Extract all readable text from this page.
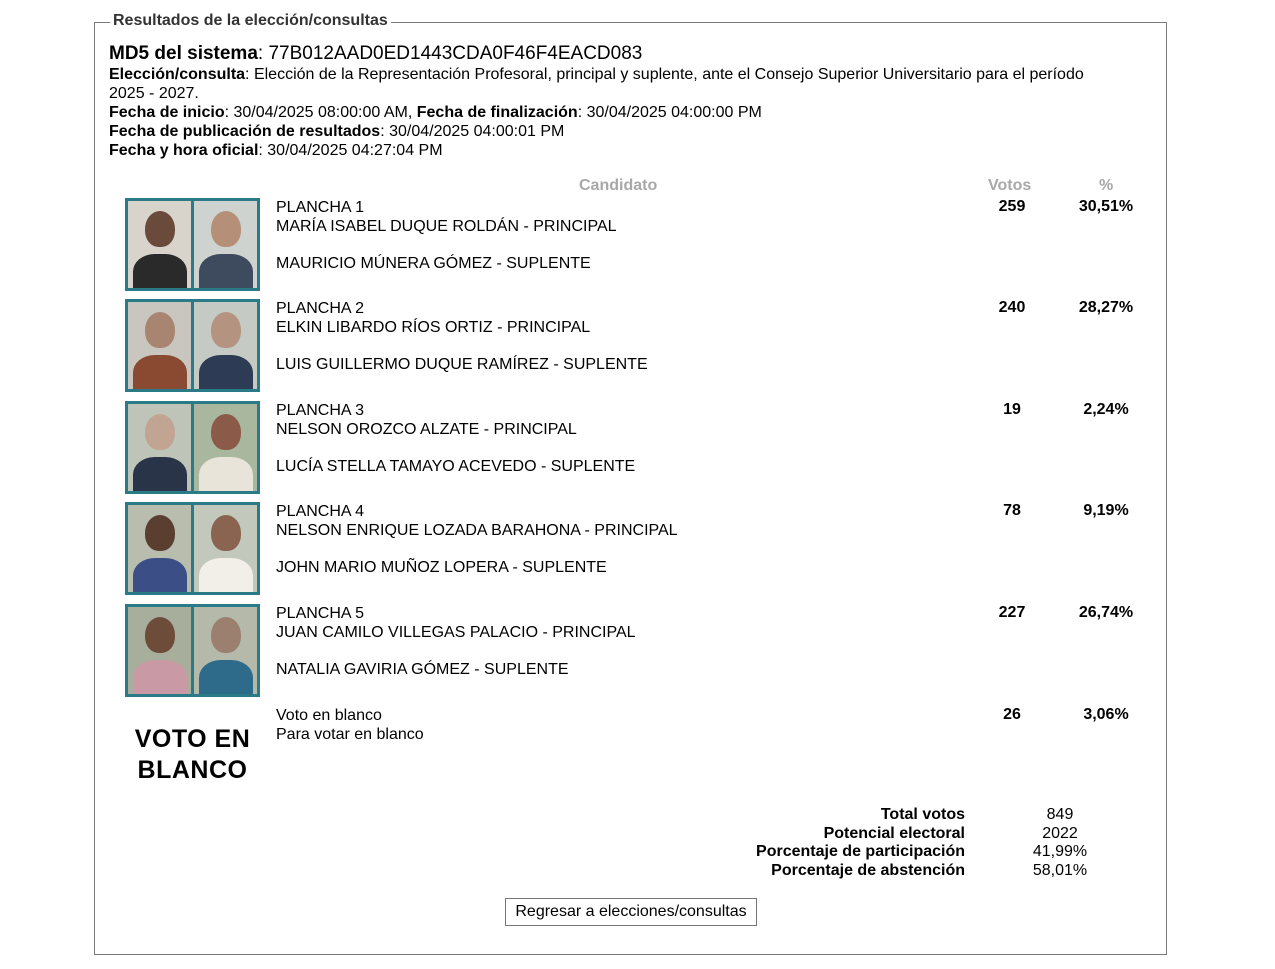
Resultados de la elección/consultas
MD5 del sistema: 77B012AAD0ED1443CDA0F46F4EACD083
Elección/consulta: Elección de la Representación Profesoral, principal y suplente, ante el Consejo Superior Universitario para el período 2025 - 2027.
Fecha de inicio: 30/04/2025 08:00:00 AM, Fecha de finalización: 30/04/2025 04:00:00 PM
Fecha de publicación de resultados: 30/04/2025 04:00:01 PM
Fecha y hora oficial: 30/04/2025 04:27:04 PM
Candidato	Votos	%
PLANCHA 1
MARÍA ISABEL DUQUE ROLDÁN - PRINCIPAL
MAURICIO MÚNERA GÓMEZ - SUPLENTE
259	30,51%
PLANCHA 2
ELKIN LIBARDO RÍOS ORTIZ - PRINCIPAL
LUIS GUILLERMO DUQUE RAMÍREZ - SUPLENTE
240	28,27%
PLANCHA 3
NELSON OROZCO ALZATE - PRINCIPAL
LUCÍA STELLA TAMAYO ACEVEDO - SUPLENTE
19	2,24%
PLANCHA 4
NELSON ENRIQUE LOZADA BARAHONA - PRINCIPAL
JOHN MARIO MUÑOZ LOPERA - SUPLENTE
78	9,19%
PLANCHA 5
JUAN CAMILO VILLEGAS PALACIO - PRINCIPAL
NATALIA GAVIRIA GÓMEZ - SUPLENTE
227	26,74%
VOTO EN
BLANCO
Voto en blanco
Para votar en blanco
26	3,06%
Total votos	849
Potencial electoral	2022
Porcentaje de participación	41,99%
Porcentaje de abstención	58,01%
Regresar a elecciones/consultas
